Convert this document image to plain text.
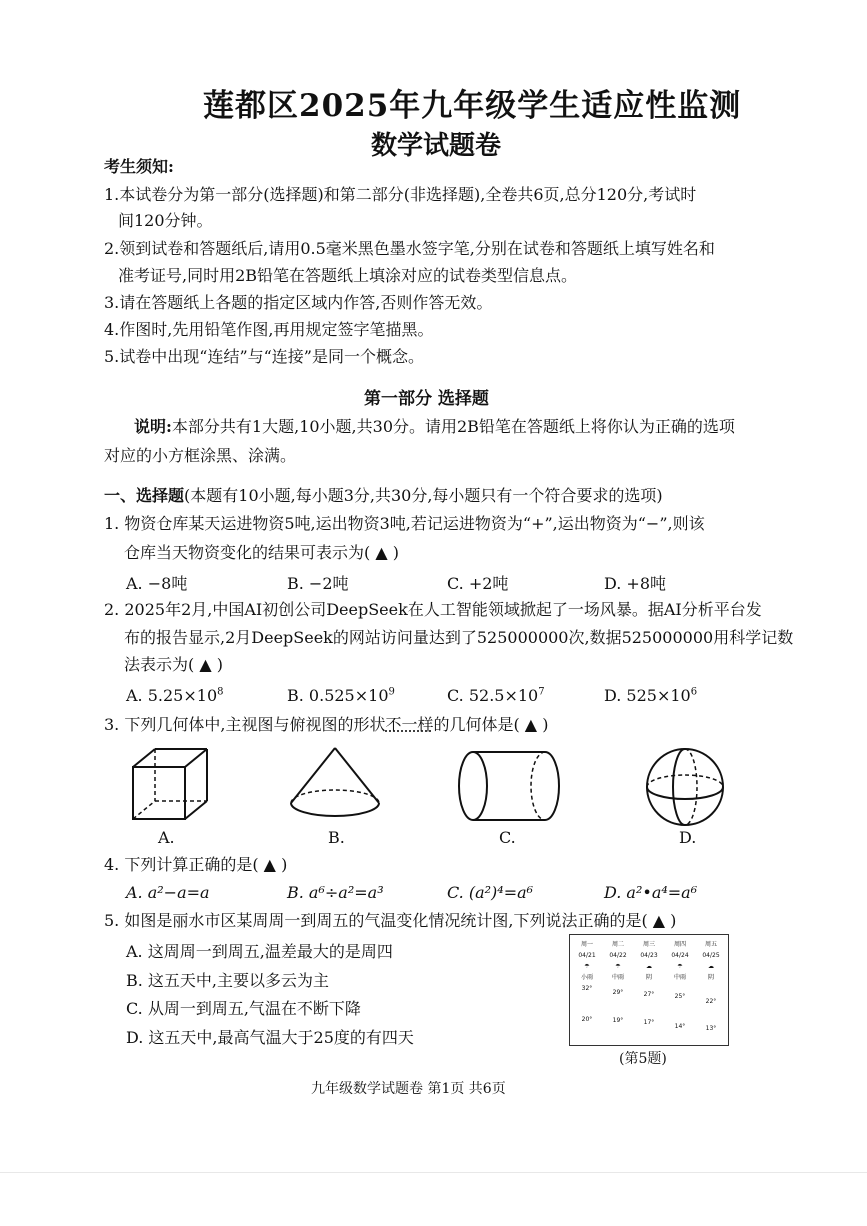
莲都区2025年九年级学生适应性监测
数学试题卷
考生须知:
1.本试卷分为第一部分(选择题)和第二部分(非选择题),全卷共6页,总分120分,考试时
间120分钟。
2.领到试卷和答题纸后,请用0.5毫米黑色墨水签字笔,分别在试卷和答题纸上填写姓名和
准考证号,同时用2B铅笔在答题纸上填涂对应的试卷类型信息点。
3.请在答题纸上各题的指定区域内作答,否则作答无效。
4.作图时,先用铅笔作图,再用规定签字笔描黑。
5.试卷中出现“连结”与“连接”是同一个概念。
第一部分 选择题
说明:本部分共有1大题,10小题,共30分。请用2B铅笔在答题纸上将你认为正确的选项
对应的小方框涂黑、涂满。
一、选择题(本题有10小题,每小题3分,共30分,每小题只有一个符合要求的选项)
1. 物资仓库某天运进物资5吨,运出物资3吨,若记运进物资为“+”,运出物资为“−”,则该
仓库当天物资变化的结果可表示为( ▲ )
A. −8吨	B. −2吨	C. +2吨	D. +8吨
2. 2025年2月,中国AI初创公司DeepSeek在人工智能领域掀起了一场风暴。据AI分析平台发
布的报告显示,2月DeepSeek的网站访问量达到了525000000次,数据525000000用科学记数
法表示为( ▲ )
A. $5.25\times 10^8$	B. $0.525\times 10^9$	C. $52.5\times 10^7$	D. $525\times 10^6$
3. 下列几何体中,主视图与俯视图的形状不一样的几何体是( ▲ )
A.	B.	C.	D.
4. 下列计算正确的是( ▲ )
A. a²−a=a	B. a⁶÷a²=a³	C. (a²)⁴=a⁶	D. a²•a⁴=a⁶
5. 如图是丽水市区某周周一到周五的气温变化情况统计图,下列说法正确的是( ▲ )
A. 这周周一到周五,温差最大的是周四
B. 这五天中,主要以多云为主
C. 从周一到周五,气温在不断下降
D. 这五天中,最高气温大于25度的有四天
周一
04/21
☂
小雨
32°
20°
周二
04/22
☂
中雨
29°
19°
周三
04/23
☁
阴
27°
17°
周四
04/24
☂
中雨
25°
14°
周五
04/25
☁
阴
22°
13°
(第5题)
九年级数学试题卷 第1页 共6页
